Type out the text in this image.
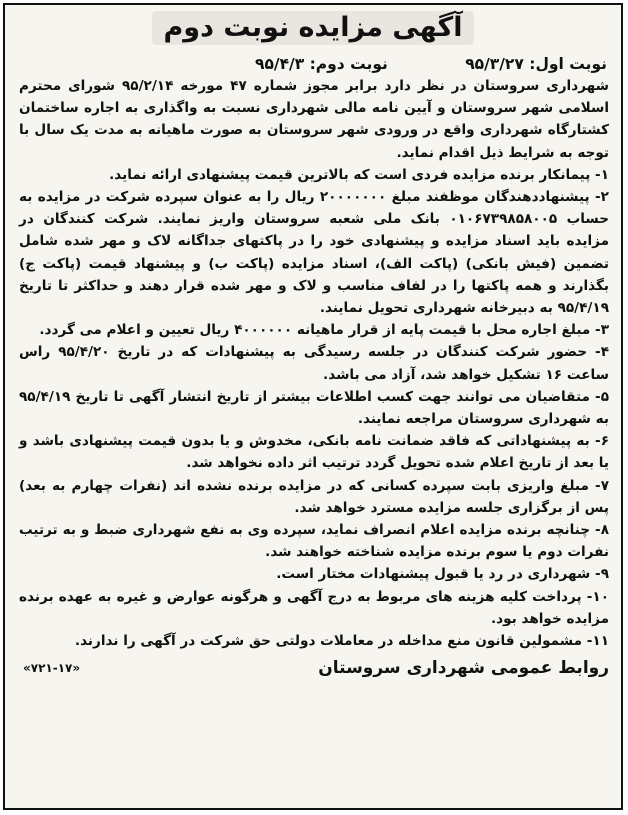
آگهی مزایده نوبت دوم
نوبت اول: ۹۵/۳/۲۷
نوبت دوم: ۹۵/۴/۳

شهرداری سروستان در نظر دارد برابر مجوز شماره ۴۷ مورخه ۹۵/۲/۱۴ شورای محترم اسلامی شهر سروستان و آیین نامه مالی شهرداری نسبت به واگذاری به اجاره ساختمان کشتارگاه شهرداری واقع در ورودی شهر سروستان به صورت ماهیانه به مدت یک سال با توجه به شرایط ذیل اقدام نماید.

۱- پیمانکار برنده مزایده فردی است که بالاترین قیمت پیشنهادی ارائه نماید.

۲- پیشنهاددهندگان موظفند مبلغ ۲۰۰۰۰۰۰۰ ریال را به عنوان سپرده شرکت در مزایده به حساب ۰۱۰۶۷۳۹۸۵۸۰۰۵ بانک ملی شعبه سروستان واریز نمایند. شرکت کنندگان در مزایده باید اسناد مزایده و پیشنهادی خود را در پاکتهای جداگانه لاک و مهر شده شامل تضمین (فیش بانکی) (پاکت الف)، اسناد مزایده (پاکت ب) و پیشنهاد قیمت (پاکت ج) بگذارند و همه پاکتها را در لفاف مناسب و لاک و مهر شده قرار دهند و حداکثر تا تاریخ ۹۵/۴/۱۹ به دبیرخانه شهرداری تحویل نمایند.

۳- مبلغ اجاره محل با قیمت پایه از قرار ماهیانه ۴۰۰۰۰۰۰ ریال تعیین و اعلام می گردد.

۴- حضور شرکت کنندگان در جلسه رسیدگی به پیشنهادات که در تاریخ ۹۵/۴/۲۰ راس ساعت ۱۶ تشکیل خواهد شد، آزاد می باشد.

۵- متقاضیان می توانند جهت کسب اطلاعات بیشتر از تاریخ انتشار آگهی تا تاریخ ۹۵/۴/۱۹ به شهرداری سروستان مراجعه نمایند.

۶- به پیشنهاداتی که فاقد ضمانت نامه بانکی، مخدوش و یا بدون قیمت پیشنهادی باشد و یا بعد از تاریخ اعلام شده تحویل گردد ترتیب اثر داده نخواهد شد.

۷- مبلغ واریزی بابت سپرده کسانی که در مزایده برنده نشده اند (نفرات چهارم به بعد) پس از برگزاری جلسه مزایده مسترد خواهد شد.

۸- چنانچه برنده مزایده اعلام انصراف نماید، سپرده وی به نفع شهرداری ضبط و به ترتیب نفرات دوم یا سوم برنده مزایده شناخته خواهند شد.

۹- شهرداری در رد یا قبول پیشنهادات مختار است.

۱۰- پرداخت کلیه هزینه های مربوط به درج آگهی و هرگونه عوارض و غیره به عهده برنده مزایده خواهد بود.

۱۱- مشمولین قانون منع مداخله در معاملات دولتی حق شرکت در آگهی را ندارند.

روابط عمومی شهرداری سروستان
«۷۲۱-۱۷»
